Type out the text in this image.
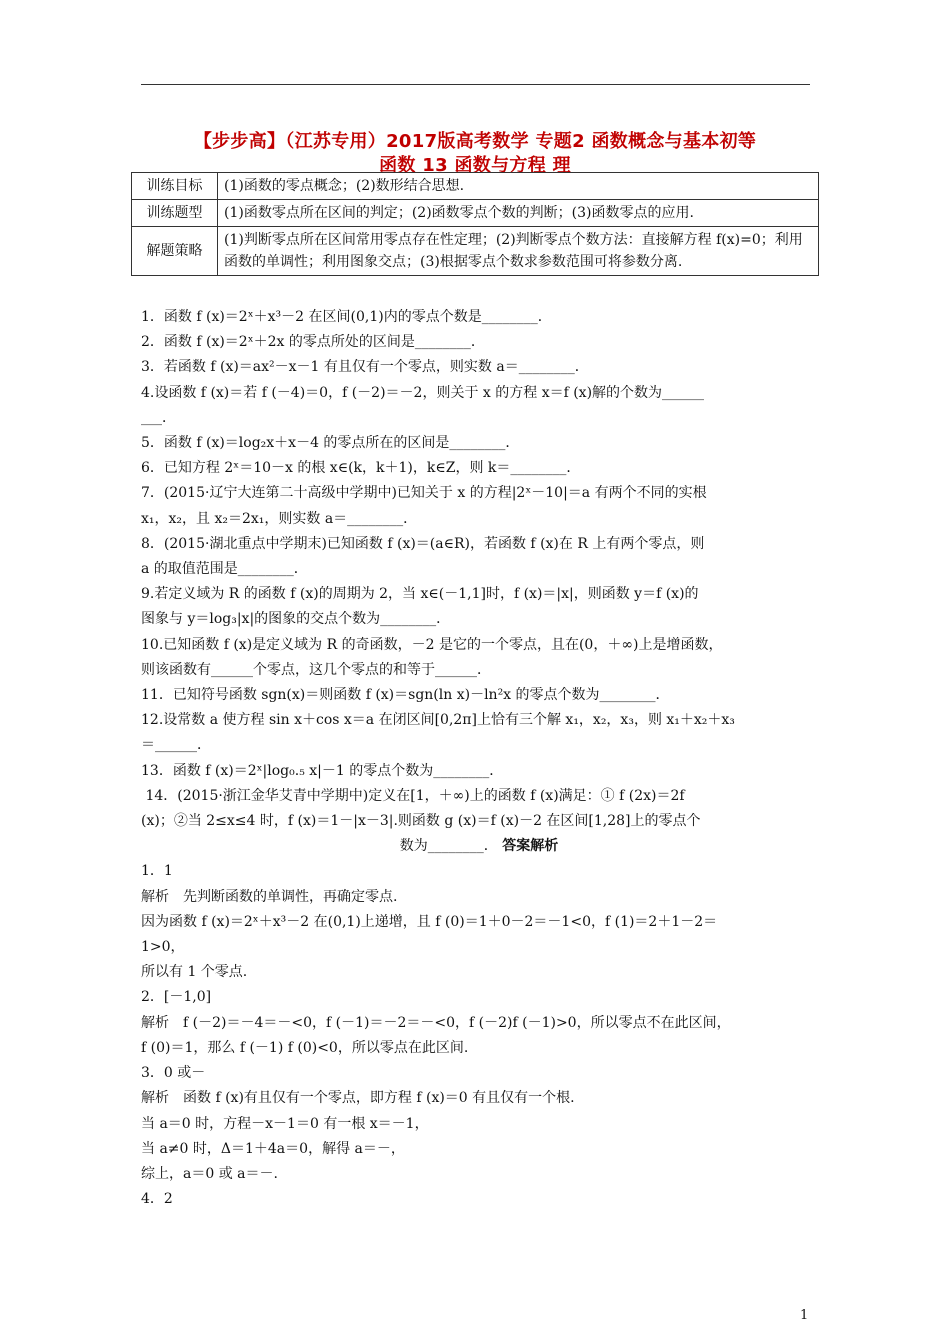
【步步高】（江苏专用）2017版高考数学 专题2 函数概念与基本初等
函数 13 函数与方程 理
训练目标	(1)函数的零点概念；(2)数形结合思想.
训练题型	(1)函数零点所在区间的判定；(2)函数零点个数的判断；(3)函数零点的应用.
解题策略	(1)判断零点所在区间常用零点存在性定理；(2)判断零点个数方法：直接解方程 f(x)=0；利用函数的单调性；利用图象交点；(3)根据零点个数求参数范围可将参数分离.

1．函数 f (x)＝2ˣ＋x³－2 在区间(0,1)内的零点个数是________．

2．函数 f (x)＝2ˣ＋2x 的零点所处的区间是________．

3．若函数 f (x)＝ax²－x－1 有且仅有一个零点，则实数 a＝________．

4.设函数 f (x)＝若 f (－4)＝0，f (－2)＝－2，则关于 x 的方程 x＝f (x)解的个数为______

___．

5．函数 f (x)＝log₂x＋x－4 的零点所在的区间是________．

6．已知方程 2ˣ＝10－x 的根 x∈(k，k＋1)，k∈Z，则 k＝________．

7．(2015·辽宁大连第二十高级中学期中)已知关于 x 的方程|2ˣ－10|＝a 有两个不同的实根

x₁，x₂，且 x₂＝2x₁，则实数 a＝________．

8．(2015·湖北重点中学期末)已知函数 f (x)＝(a∈R)，若函数 f (x)在 R 上有两个零点，则

a 的取值范围是________．

9.若定义域为 R 的函数 f (x)的周期为 2，当 x∈(－1,1]时，f (x)＝|x|，则函数 y＝f (x)的

图象与 y＝log₃|x|的图象的交点个数为________．

10.已知函数 f (x)是定义域为 R 的奇函数，－2 是它的一个零点，且在(0，＋∞)上是增函数，

则该函数有______个零点，这几个零点的和等于______．

11．已知符号函数 sgn(x)＝则函数 f (x)＝sgn(ln x)－ln²x 的零点个数为________．

12.设常数 a 使方程 sin x＋cos x＝a 在闭区间[0,2π]上恰有三个解 x₁，x₂，x₃，则 x₁＋x₂＋x₃

＝______．

13．函数 f (x)＝2ˣ|log₀.₅ x|－1 的零点个数为________．

14．(2015·浙江金华艾青中学期中)定义在[1，＋∞)上的函数 f (x)满足：① f (2x)＝2f

(x)；②当 2≤x≤4 时，f (x)＝1－|x－3|.则函数 g (x)＝f (x)－2 在区间[1,28]上的零点个

数为________． 答案解析

1．1

解析　先判断函数的单调性，再确定零点.

因为函数 f (x)＝2ˣ＋x³－2 在(0,1)上递增，且 f (0)＝1＋0－2＝－1<0，f (1)＝2＋1－2＝

1>0，

所以有 1 个零点.

2．[－1,0]

解析　f (－2)＝－4＝－<0，f (－1)＝－2＝－<0，f (－2)f (－1)>0，所以零点不在此区间，

f (0)＝1，那么 f (－1) f (0)<0，所以零点在此区间.

3．0 或－

解析　函数 f (x)有且仅有一个零点，即方程 f (x)＝0 有且仅有一个根.

当 a＝0 时，方程－x－1＝0 有一根 x＝－1，

当 a≠0 时，Δ＝1＋4a＝0，解得 a＝－，

综上，a＝0 或 a＝－.

4．2

1
